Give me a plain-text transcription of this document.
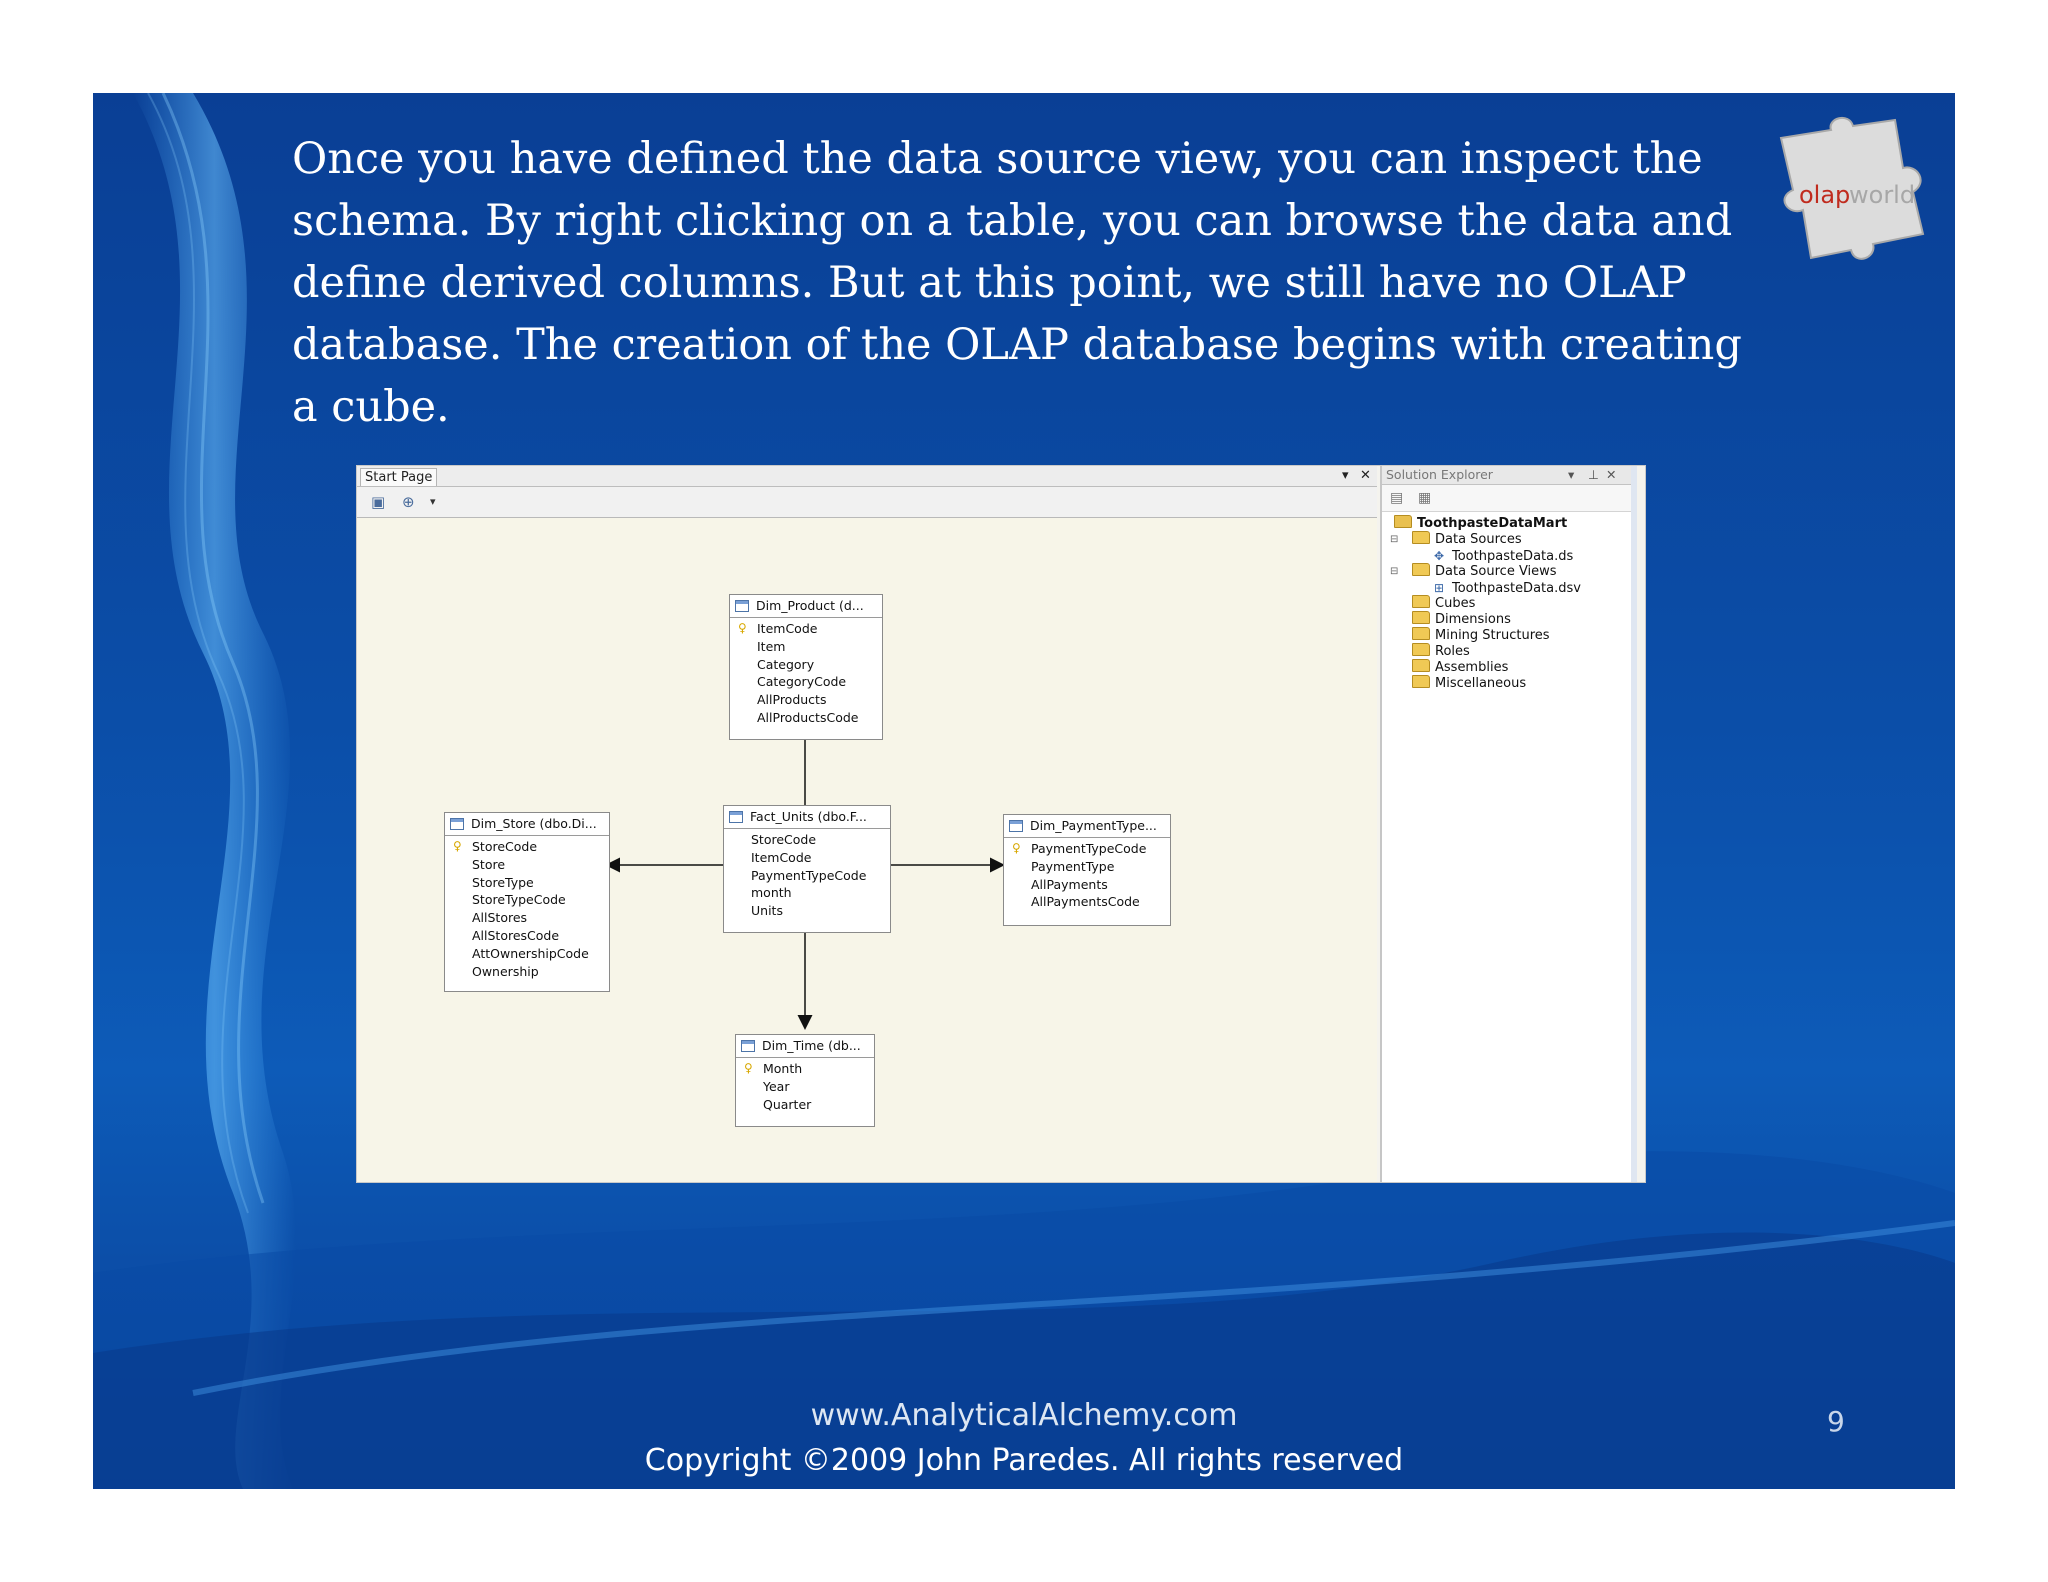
Once you have defined the data source view, you can inspect the schema. By right clicking on a table, you can browse the data and define derived columns. But at this point, we still have no OLAP database. The creation of the OLAP database begins with creating a cube.

olap
world
Start Page	▾ ✕
▣ ⊕ ▾
Dim_Product (d...
♀ ItemCode
Item
Category
CategoryCode
AllProducts
AllProductsCode
Dim_Store (dbo.Di...
♀ StoreCode
Store
StoreType
StoreTypeCode
AllStores
AllStoresCode
AttOwnershipCode
Ownership
Fact_Units (dbo.F...
StoreCode
ItemCode
PaymentTypeCode
month
Units
Dim_PaymentType...
♀ PaymentTypeCode
PaymentType
AllPayments
AllPaymentsCode
Dim_Time (db...
♀ Month
Year
Quarter
Solution Explorer	▾ ⊥ ✕
▤ ▦
ToothpasteDataMart
⊟	Data Sources
✥ ToothpasteData.ds
⊟	Data Source Views
⊞ ToothpasteData.dsv
Cubes
Dimensions
Mining Structures
Roles
Assemblies
Miscellaneous
www.AnalyticalAlchemy.com
Copyright ©2009 John Paredes. All rights reserved
9
